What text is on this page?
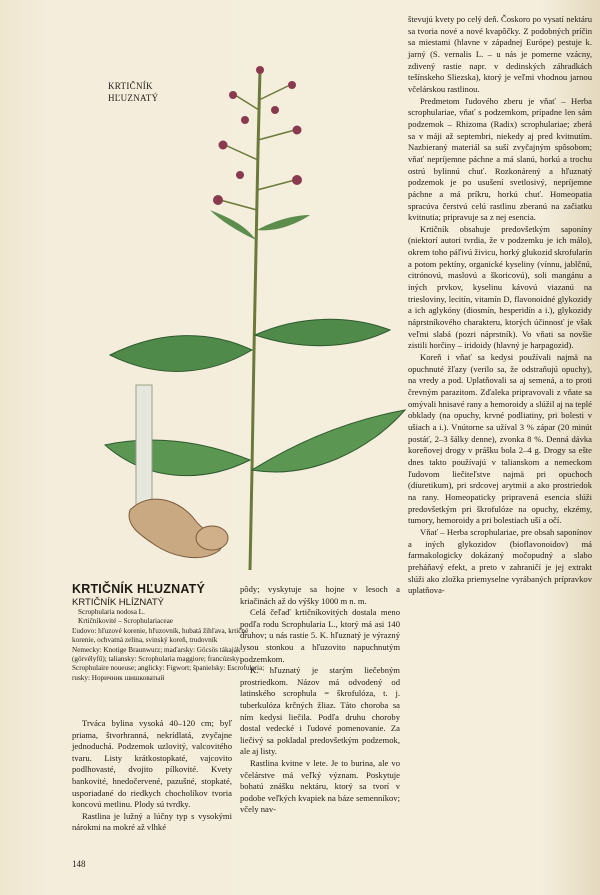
KRTIČNÍK
HĽUZNATÝ

števujú kvety po celý deň. Čoskoro po vysatí nektáru sa tvoria nové a nové kvapôčky. Z podobných príčin sa miestami (hlavne v západnej Európe) pestuje k. jarný (S. vernalis L. – u nás je pomerne vzácny, zdivený rastie napr. v dedinských záhradkách tešínskeho Sliezska), ktorý je veľmi vhodnou jarnou včelárskou rastlinou.

Predmetom ľudového zberu je vňať – Herba scrophulariae, vňať s podzemkom, prípadne len sám podzemok – Rhizoma (Radix) scrophulariae; zberá sa v máji až septembri, niekedy aj pred kvitnutím. Nazbieraný materiál sa suší zvyčajným spôsobom; vňať nepríjemne páchne a má slanú, horkú a trochu ostrú bylinnú chuť. Rozkonárený a hľuznatý podzemok je po usušení svetlosivý, nepríjemne páchne a má príkru, horkú chuť. Homeopatia spracúva čerstvú celú rastlinu zberanú na začiatku kvitnutia; pripravuje sa z nej esencia.

Krtičník obsahuje predovšetkým saponíny (niektorí autori tvrdia, že v podzemku je ich málo), okrem toho páľivú živicu, horký glukozid skrofularín a potom pektíny, organické kyseliny (vínnu, jablčnú, citrónovú, maslovú a škoricovú), soli mangánu a iných prvkov, kyselinu kávovú viazanú na triesloviny, lecitín, vitamín D, flavonoidné glykozidy a ich aglykóny (diosmín, hesperidín a i.), glykozidy náprstníkového charakteru, ktorých účinnosť je však veľmi slabá (pozri náprstník). Vo vňati sa novšie zistili horčiny – iridoidy (hlavný je harpagozid).

Koreň i vňať sa kedysi používali najmä na opuchnuté žľazy (verilo sa, že odstraňujú opuchy), na vredy a pod. Uplatňovali sa aj semená, a to proti črevným parazitom. Zďaleka pripravovali z vňate sa omývali hnisavé rany a hemoroidy a slúžil aj na teplé obklady (na opuchy, krvné podliatiny, pri bolesti v ušiach a i.). Vnútorne sa užíval 3 % zápar (20 minút postáť, 2–3 šálky denne), zvonka 8 %. Denná dávka koreňovej drogy v prášku bola 2–4 g. Drogy sa ešte dnes takto používajú v talianskom a nemeckom ľudovom liečiteľstve najmä pri opuchoch (diuretikum), pri srdcovej arytmii a ako prostriedok na rany. Homeopaticky pripravená esencia slúži predovšetkým pri škrofulóze na opuchy, ekzémy, tumory, hemoroidy a pri bolestiach uší a očí.

Vňať – Herba scrophulariae, pre obsah saponínov a iných glykozidov (bioflavonoidov) má farmakologicky dokázaný močopudný a slabo preháňavý efekt, a preto v zahraničí je jej extrakt slúži ako zložka priemyselne vyrábaných prípravkov uplatňova-

KRTIČNÍK HĽUZNATÝ
KRTIČNÍK HLÍZNATÝ
Scrophularia nodosa L.
Krtičníkovité – Scrophulariaceae
Ľudovo: hľuzové korenie, hľuzovník, hubatá žihľava, krtičné korenie, ochvatná zelina, svinský koreň, trudovník
Nemecky: Knotige Braunwurz; maďarsky: Göcsös tákaják (görvélyfű); taliansky: Scrophularia maggiore; francúzsky: Scrophulaire noueuse; anglicky: Figwort; španielsky: Escrofularia; rusky: Норичник шишковатый

Trváca bylina vysoká 40–120 cm; byľ priama, štvorhranná, nekrídlatá, zvyčajne jednoduchá. Podzemok uzlovitý, valcovitého tvaru. Listy krátkostopkaté, vajcovito podlhovasté, dvojito pílkovité. Kvety bankovité, hnedočervené, pazušné, stopkaté, usporiadané do riedkych chocholíkov tvoria koncovú metlinu. Plody sú tvrdky.

Rastlina je lužný a lúčny typ s vysokými nárokmi na mokré až vlhké

pôdy; vyskytuje sa hojne v lesoch a kriačinách až do výšky 1000 m n. m.

Celá čeľaď krtičníkovitých dostala meno podľa rodu Scrophularia L., ktorý má asi 140 druhov; u nás rastie 5. K. hľuznatý je výrazný lysou stonkou a hľuzovito napuchnutým podzemkom.

K. hľuznatý je starým liečebným prostriedkom. Názov má odvodený od latinského scrophula = škrofulóza, t. j. tuberkulóza krčných žliaz. Táto choroba sa ním kedysi liečila. Podľa druhu choroby dostal vedecké i ľudové pomenovanie. Za liečivý sa pokladal predovšetkým podzemok, ale aj listy.

Rastlina kvitne v lete. Je to burina, ale vo včelárstve má veľký význam. Poskytuje bohatú znášku nektáru, ktorý sa tvorí v podobe veľkých kvapiek na báze semenníkov; včely nav-

148
